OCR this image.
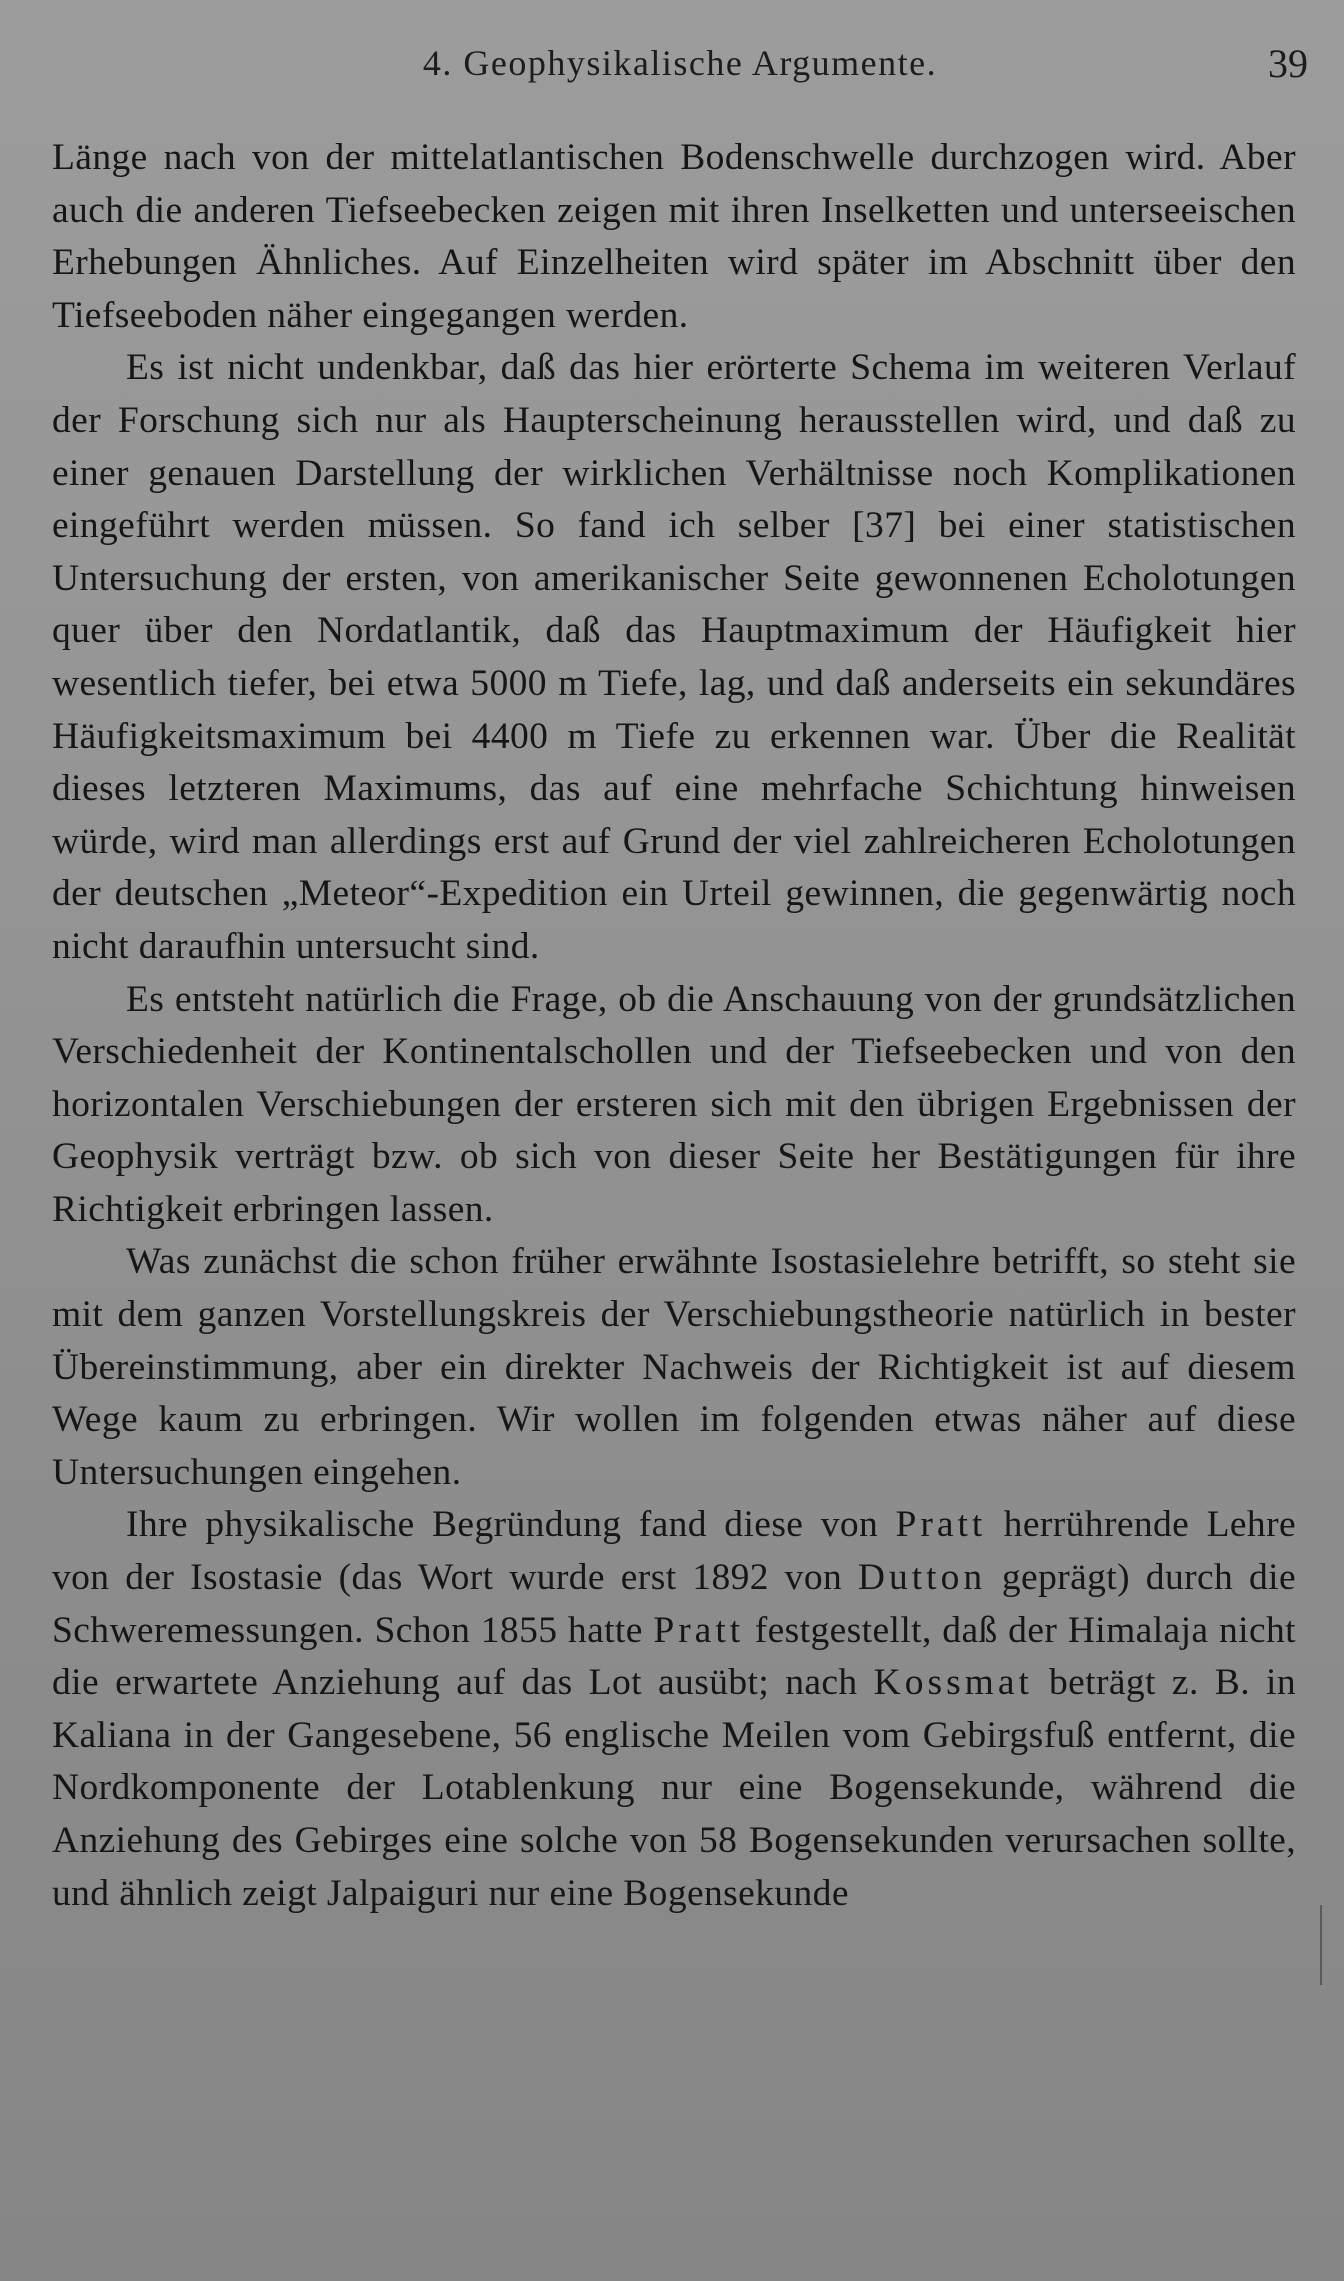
4. Geophysikalische Argumente.	39

Länge nach von der mittelatlantischen Bodenschwelle durchzogen wird. Aber auch die anderen Tiefseebecken zeigen mit ihren Inselketten und unterseeischen Erhebungen Ähnliches. Auf Einzelheiten wird später im Abschnitt über den Tiefseeboden näher eingegangen werden.

Es ist nicht undenkbar, daß das hier erörterte Schema im weiteren Verlauf der Forschung sich nur als Haupterscheinung herausstellen wird, und daß zu einer genauen Darstellung der wirklichen Verhältnisse noch Komplikationen eingeführt werden müssen. So fand ich selber [37] bei einer statistischen Untersuchung der ersten, von amerikanischer Seite gewonnenen Echolotungen quer über den Nordatlantik, daß das Hauptmaximum der Häufigkeit hier wesentlich tiefer, bei etwa 5000 m Tiefe, lag, und daß anderseits ein sekundäres Häufigkeitsmaximum bei 4400 m Tiefe zu erkennen war. Über die Realität dieses letzteren Maximums, das auf eine mehrfache Schichtung hinweisen würde, wird man allerdings erst auf Grund der viel zahlreicheren Echolotungen der deutschen „Meteor“-Expedition ein Urteil gewinnen, die gegenwärtig noch nicht daraufhin untersucht sind.

Es entsteht natürlich die Frage, ob die Anschauung von der grundsätzlichen Verschiedenheit der Kontinentalschollen und der Tiefseebecken und von den horizontalen Verschiebungen der ersteren sich mit den übrigen Ergebnissen der Geophysik verträgt bzw. ob sich von dieser Seite her Bestätigungen für ihre Richtigkeit erbringen lassen.

Was zunächst die schon früher erwähnte Isostasielehre betrifft, so steht sie mit dem ganzen Vorstellungskreis der Verschiebungstheorie natürlich in bester Übereinstimmung, aber ein direkter Nachweis der Richtigkeit ist auf diesem Wege kaum zu erbringen. Wir wollen im folgenden etwas näher auf diese Untersuchungen eingehen.

Ihre physikalische Begründung fand diese von Pratt herrührende Lehre von der Isostasie (das Wort wurde erst 1892 von Dutton geprägt) durch die Schweremessungen. Schon 1855 hatte Pratt festgestellt, daß der Himalaja nicht die erwartete Anziehung auf das Lot ausübt; nach Kossmat beträgt z. B. in Kaliana in der Gangesebene, 56 englische Meilen vom Gebirgsfuß entfernt, die Nordkomponente der Lotablenkung nur eine Bogensekunde, während die Anziehung des Gebirges eine solche von 58 Bogensekunden verursachen sollte, und ähnlich zeigt Jalpaiguri nur eine Bogensekunde
